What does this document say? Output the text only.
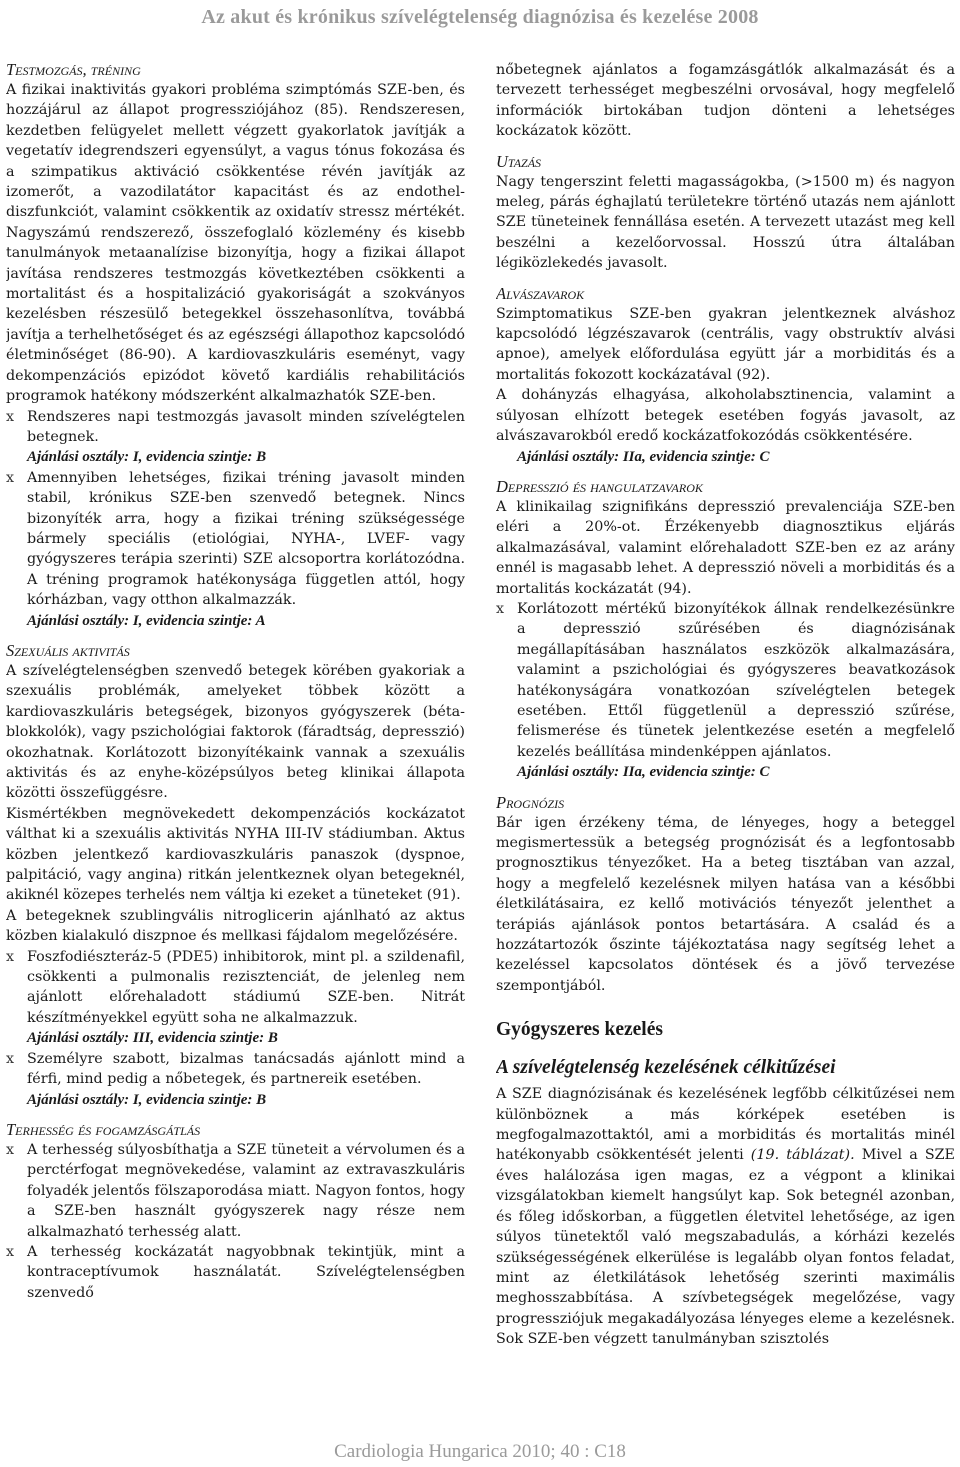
Az akut és krónikus szívelégtelenség diagnózisa és kezelése 2008
Testmozgás, tréning

A fizikai inaktivitás gyakori probléma szimptómás SZE-ben, és hozzájárul az állapot progressziójához (85). Rendszeresen, kezdetben felügyelet mellett végzett gyakorlatok javítják a vegetatív idegrendszeri egyensúlyt, a vagus tónus fokozása és a szimpatikus aktiváció csökkentése révén javítják az izomerőt, a vazodilatátor kapacitást és az endothel-diszfunkciót, valamint csökkentik az oxidatív stressz mértékét. Nagyszámú rendszerező, összefoglaló közlemény és kisebb tanulmányok metaanalízise bizonyítja, hogy a fizikai állapot javítása rendszeres testmozgás következtében csökkenti a mortalitást és a hospitalizáció gyakoriságát a szokványos kezelésben részesülő betegekkel összehasonlítva, továbbá javítja a terhelhetőséget és az egészségi állapothoz kapcsolódó életminőséget (86-90). A kardiovaszkuláris eseményt, vagy dekompenzációs epizódot követő kardiális rehabilitációs programok hatékony módszerként alkalmazhatók SZE-ben.

x Rendszeres napi testmozgás javasolt minden szívelégtelen betegnek.

Ajánlási osztály: I, evidencia szintje: B

x Amennyiben lehetséges, fizikai tréning javasolt minden stabil, krónikus SZE-ben szenvedő betegnek. Nincs bizonyíték arra, hogy a fizikai tréning szükségessége bármely speciális (etiológiai, NYHA-, LVEF- vagy gyógyszeres terápia szerinti) SZE alcsoportra korlátozódna. A tréning programok hatékonysága független attól, hogy kórházban, vagy otthon alkalmazzák.

Ajánlási osztály: I, evidencia szintje: A

Szexuális aktivitás

A szívelégtelenségben szenvedő betegek körében gyakoriak a szexuális problémák, amelyeket többek között a kardiovaszkuláris betegségek, bizonyos gyógyszerek (béta-blokkolók), vagy pszichológiai faktorok (fáradtság, depresszió) okozhatnak. Korlátozott bizonyítékaink vannak a szexuális aktivitás és az enyhe-középsúlyos beteg klinikai állapota közötti összefüggésre.

Kismértékben megnövekedett dekompenzációs kockázatot válthat ki a szexuális aktivitás NYHA III-IV stádiumban. Aktus közben jelentkező kardiovaszkuláris panaszok (dyspnoe, palpitáció, vagy angina) ritkán jelentkeznek olyan betegeknél, akiknél közepes terhelés nem váltja ki ezeket a tüneteket (91).

A betegeknek szublingvális nitroglicerin ajánlható az aktus közben kialakuló diszpnoe és mellkasi fájdalom megelőzésére.

x Foszfodiészteráz-5 (PDE5) inhibitorok, mint pl. a szildenafil, csökkenti a pulmonalis rezisztenciát, de jelenleg nem ajánlott előrehaladott stádiumú SZE-ben. Nitrát készítményekkel együtt soha ne alkalmazzuk.

Ajánlási osztály: III, evidencia szintje: B

x Személyre szabott, bizalmas tanácsadás ajánlott mind a férfi, mind pedig a nőbetegek, és partnereik esetében.

Ajánlási osztály: I, evidencia szintje: B

Terhesség és fogamzásgátlás
x A terhesség súlyosbíthatja a SZE tüneteit a vérvolumen és a perctérfogat megnövekedése, valamint az extravaszkuláris folyadék jelentős fölszaporodása miatt. Nagyon fontos, hogy a SZE-ben használt gyógyszerek nagy része nem alkalmazható terhesség alatt.
x A terhesség kockázatát nagyobbnak tekintjük, mint a kontraceptívumok használatát. Szívelégtelenségben szenvedő

nőbetegnek ajánlatos a fogamzásgátlók alkalmazását és a tervezett terhességet megbeszélni orvosával, hogy megfelelő információk birtokában tudjon dönteni a lehetséges kockázatok között.

Utazás

Nagy tengerszint feletti magasságokba, (>1500 m) és nagyon meleg, párás éghajlatú területekre történő utazás nem ajánlott SZE tüneteinek fennállása esetén. A tervezett utazást meg kell beszélni a kezelőorvossal. Hosszú útra általában légiközlekedés javasolt.

Alvászavarok

Szimptomatikus SZE-ben gyakran jelentkeznek alváshoz kapcsolódó légzészavarok (centrális, vagy obstruktív alvási apnoe), amelyek előfordulása együtt jár a morbiditás és a mortalitás fokozott kockázatával (92).

A dohányzás elhagyása, alkoholabsztinencia, valamint a súlyosan elhízott betegek esetében fogyás javasolt, az alvászavarokból eredő kockázatfokozódás csökkentésére.

Ajánlási osztály: IIa, evidencia szintje: C

Depresszió és hangulatzavarok

A klinikailag szignifikáns depresszió prevalenciája SZE-ben eléri a 20%-ot. Érzékenyebb diagnosztikus eljárás alkalmazásával, valamint előrehaladott SZE-ben ez az arány ennél is magasabb lehet. A depresszió növeli a morbiditás és a mortalitás kockázatát (94).

x Korlátozott mértékű bizonyítékok állnak rendelkezésünkre a depresszió szűrésében és diagnózisának megállapításában használatos eszközök alkalmazására, valamint a pszichológiai és gyógyszeres beavatkozások hatékonyságára vonatkozóan szívelégtelen betegek esetében. Ettől függetlenül a depresszió szűrése, felismerése és tünetek jelentkezése esetén a megfelelő kezelés beállítása mindenképpen ajánlatos.

Ajánlási osztály: IIa, evidencia szintje: C

Prognózis

Bár igen érzékeny téma, de lényeges, hogy a beteggel megismertessük a betegség prognózisát és a legfontosabb prognosztikus tényezőket. Ha a beteg tisztában van azzal, hogy a megfelelő kezelésnek milyen hatása van a későbbi életkilátásaira, ez kellő motivációs tényezőt jelenthet a terápiás ajánlások pontos betartására. A család és a hozzátartozók őszinte tájékoztatása nagy segítség lehet a kezeléssel kapcsolatos döntések és a jövő tervezése szempontjából.

Gyógyszeres kezelés
A szívelégtelenség kezelésének célkitűzései

A SZE diagnózisának és kezelésének legfőbb célkitűzései nem különböznek a más kórképek esetében is megfogalmazottaktól, ami a morbiditás és mortalitás minél hatékonyabb csökkentését jelenti (19. táblázat). Mivel a SZE éves halálozása igen magas, ez a végpont a klinikai vizsgálatokban kiemelt hangsúlyt kap. Sok betegnél azonban, és főleg időskorban, a független életvitel lehetősége, az igen súlyos tünetektől való megszabadulás, a kórházi kezelés szükségességének elkerülése is legalább olyan fontos feladat, mint az életkilátások lehetőség szerinti maximális meghosszabbítása. A szívbetegségek megelőzése, vagy progressziójuk megakadályozása lényeges eleme a kezelésnek. Sok SZE-ben végzett tanulmányban szisztolés

Cardiologia Hungarica 2010; 40 : C18
